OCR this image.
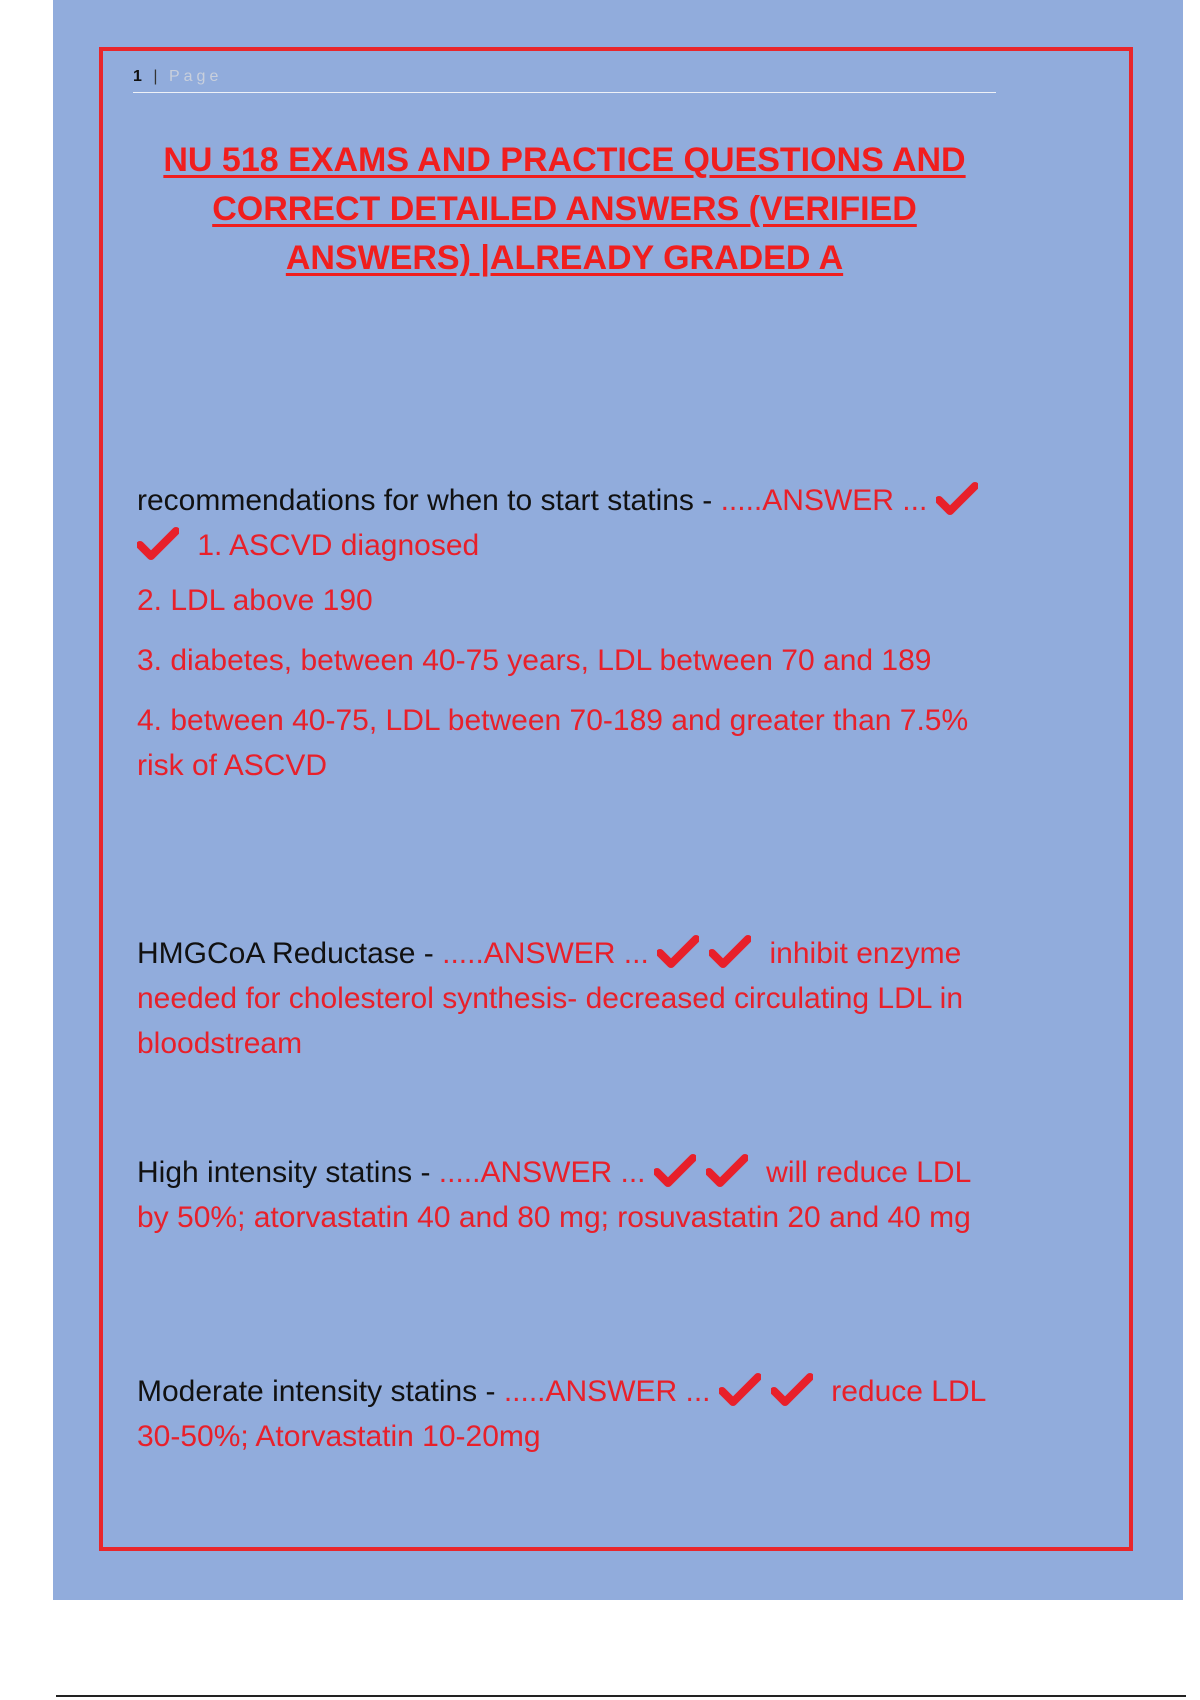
1 | Page
NU 518 EXAMS AND PRACTICE QUESTIONS AND CORRECT DETAILED ANSWERS (VERIFIED ANSWERS) |ALREADY GRADED A
recommendations for when to start statins - .....ANSWER ...
1. ASCVD diagnosed
2. LDL above 190
3. diabetes, between 40-75 years, LDL between 70 and 189
4. between 40-75, LDL between 70-189 and greater than 7.5% risk of ASCVD
HMGCoA Reductase - .....ANSWER ...	inhibit enzyme needed for cholesterol synthesis- decreased circulating LDL in bloodstream
High intensity statins - .....ANSWER ...	will reduce LDL by 50%; atorvastatin 40 and 80 mg; rosuvastatin 20 and 40 mg
Moderate intensity statins - .....ANSWER ...	reduce LDL 30-50%; Atorvastatin 10-20mg
